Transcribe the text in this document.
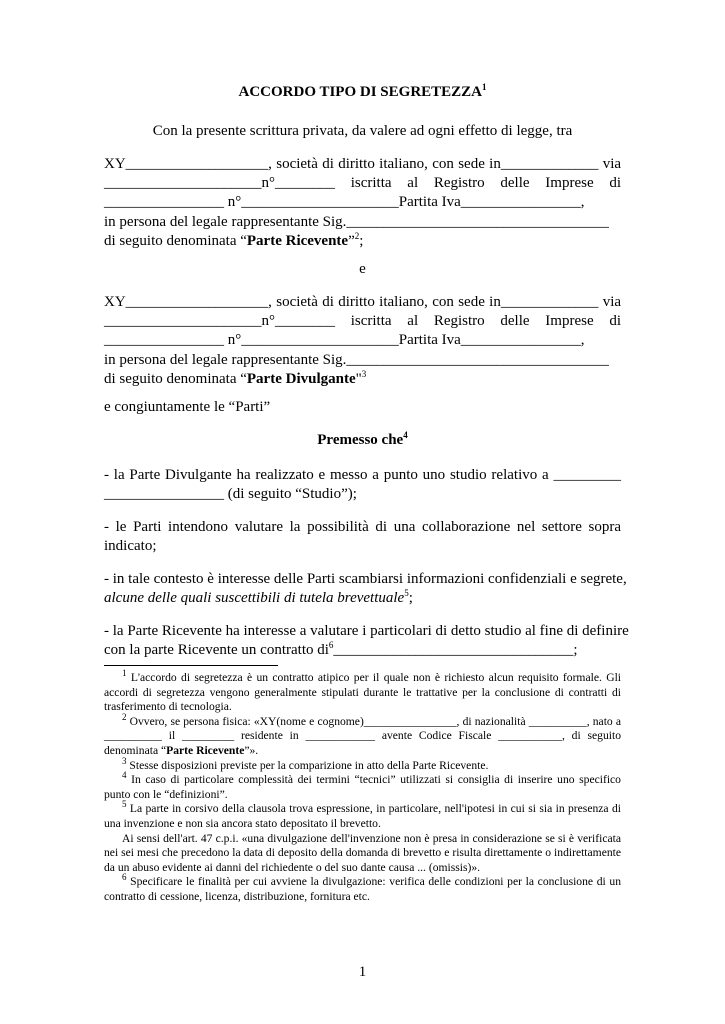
ACCORDO TIPO DI SEGRETEZZA$^1$
Con la presente scrittura privata, da valere ad ogni effetto di legge, tra
XY___________________, società di diritto italiano, con sede in_____________ via
_____________________n°________ iscritta al Registro delle Imprese di
________________ n°_____________________Partita Iva________________,
in persona del legale rappresentante Sig.___________________________________
di seguito denominata “Parte Ricevente”$^2$;
e
XY___________________, società di diritto italiano, con sede in_____________ via
_____________________n°________ iscritta al Registro delle Imprese di
________________ n°_____________________Partita Iva________________,
in persona del legale rappresentante Sig.___________________________________
di seguito denominata “Parte Divulgante"$^3$
e congiuntamente le “Parti”
Premesso che$^4$
- la Parte Divulgante ha realizzato e messo a punto uno studio relativo a _________
________________ (di seguito “Studio”);
- le Parti intendono valutare la possibilità di una collaborazione nel settore sopra
indicato;
- in tale contesto è interesse delle Parti scambiarsi informazioni confidenziali e segrete,
alcune delle quali suscettibili di tutela brevettuale$^5$;
- la Parte Ricevente ha interesse a valutare i particolari di detto studio al fine di definire
con la parte Ricevente un contratto $di^6\_\_\_\_\_\_\_\_\_\_\_\_\_\_\_\_\_\_\_\_\_\_\_\_\_\_\_\_\_\_\_\_$;
$^1$ L'accordo di segretezza è un contratto atipico per il quale non è richiesto alcun requisito formale. Gli accordi di segretezza vengono generalmente stipulati durante le trattative per la conclusione di contratti di trasferimento di tecnologia.
$^2$ Ovvero, se persona fisica: «XY(nome e cognome)________________, di nazionalità __________, nato a __________ il _________ residente in ____________ avente Codice Fiscale ___________, di seguito denominata “Parte Ricevente”».
$^3$ Stesse disposizioni previste per la comparizione in atto della Parte Ricevente.
$^4$ In caso di particolare complessità dei termini “tecnici” utilizzati si consiglia di inserire uno specifico punto con le “definizioni”.
$^5$ La parte in corsivo della clausola trova espressione, in particolare, nell'ipotesi in cui si sia in presenza di una invenzione e non sia ancora stato depositato il brevetto.
Ai sensi dell'art. 47 c.p.i. «una divulgazione dell'invenzione non è presa in considerazione se si è verificata nei sei mesi che precedono la data di deposito della domanda di brevetto e risulta direttamente o indirettamente da un abuso evidente ai danni del richiedente o del suo dante causa ... (omissis)».
$^6$ Specificare le finalità per cui avviene la divulgazione: verifica delle condizioni per la conclusione di un contratto di cessione, licenza, distribuzione, fornitura etc.
1
